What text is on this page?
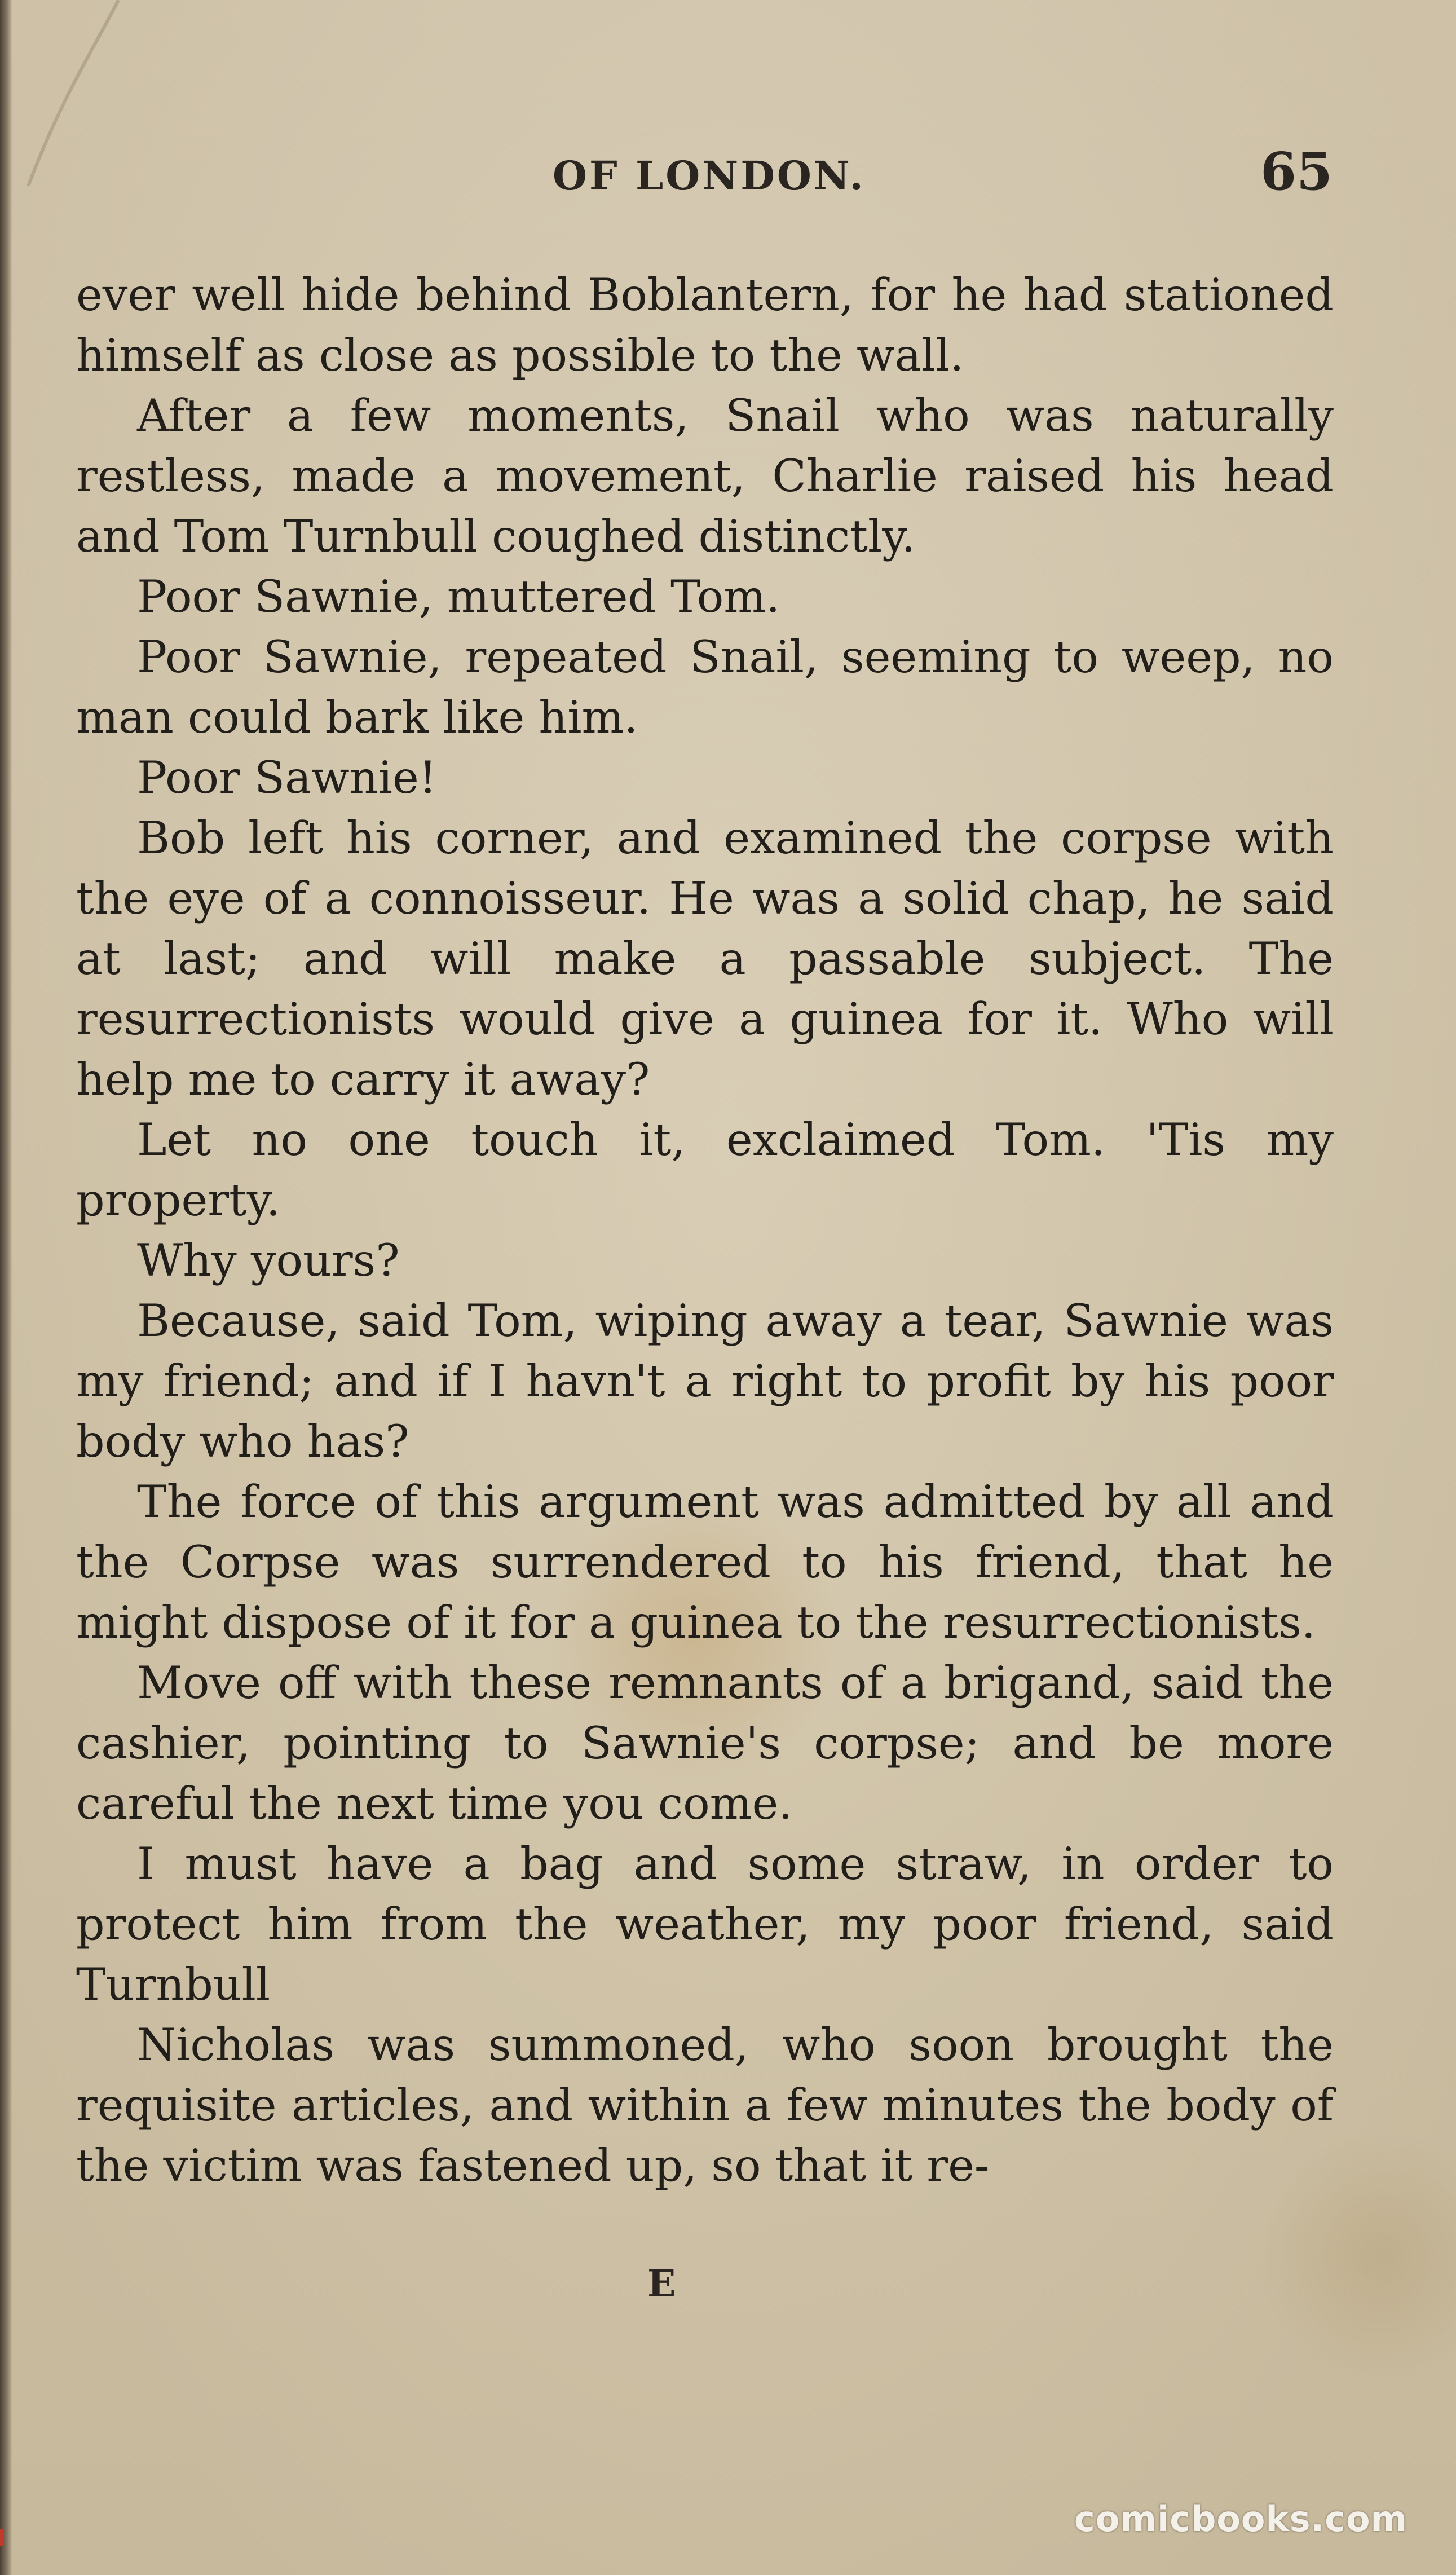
OF LONDON.	65

ever well hide behind Boblantern, for he had stationed himself as close as possible to the wall.

After a few moments, Snail who was naturally restless, made a movement, Charlie raised his head and Tom Turnbull coughed distinctly.

Poor Sawnie, muttered Tom.

Poor Sawnie, repeated Snail, seeming to weep, no man could bark like him.

Poor Sawnie!

Bob left his corner, and examined the corpse with the eye of a connoisseur. He was a solid chap, he said at last; and will make a passable subject. The resurrectionists would give a guinea for it. Who will help me to carry it away?

Let no one touch it, exclaimed Tom. 'Tis my property.

Why yours?

Because, said Tom, wiping away a tear, Sawnie was my friend; and if I havn't a right to profit by his poor body who has?

The force of this argument was admitted by all and the Corpse was surrendered to his friend, that he might dispose of it for a guinea to the resurrectionists.

Move off with these remnants of a brigand, said the cashier, pointing to Sawnie's corpse; and be more careful the next time you come.

I must have a bag and some straw, in order to protect him from the weather, my poor friend, said Turnbull

Nicholas was summoned, who soon brought the requisite articles, and within a few minutes the body of the victim was fastened up, so that it re-

E
comicbooks.com
